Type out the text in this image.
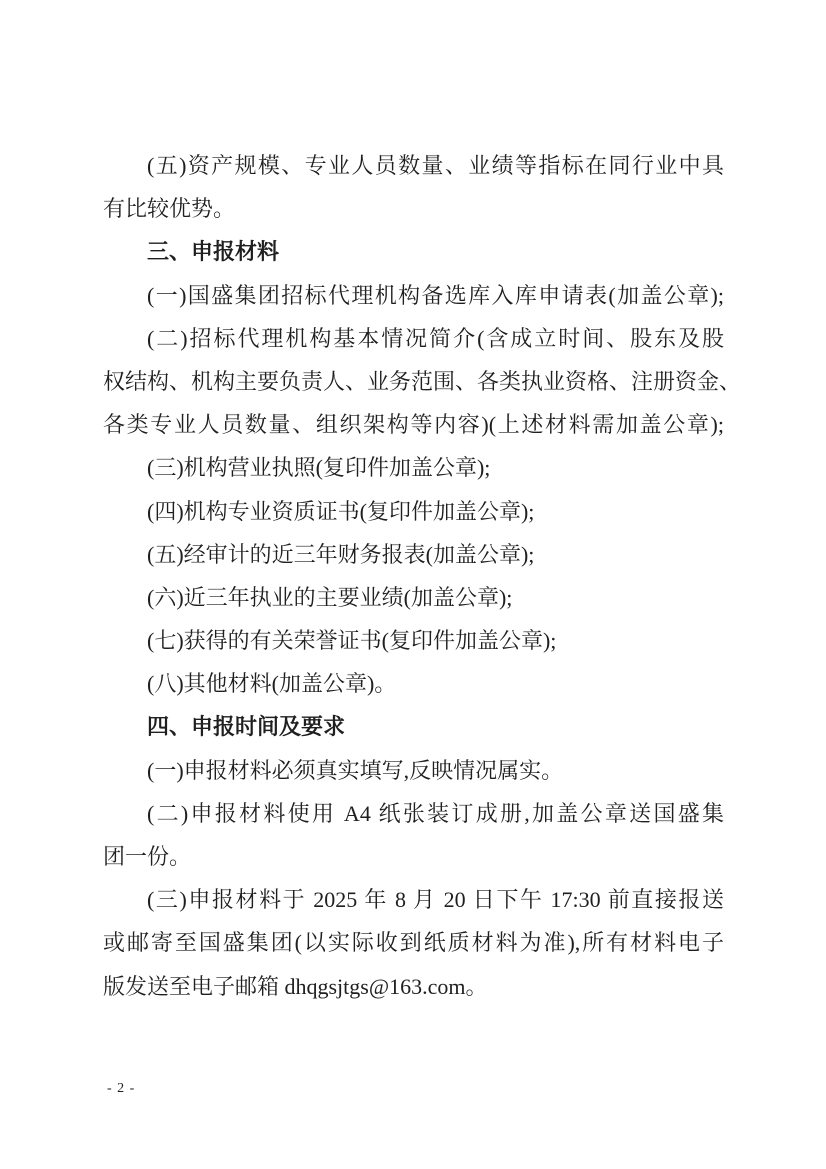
(五)资产规模、专业人员数量、业绩等指标在同行业中具
有比较优势。
三、申报材料
(一)国盛集团招标代理机构备选库入库申请表(加盖公章);
(二)招标代理机构基本情况简介(含成立时间、股东及股
权结构、机构主要负责人、业务范围、各类执业资格、注册资金、
各类专业人员数量、组织架构等内容)(上述材料需加盖公章);
(三)机构营业执照(复印件加盖公章);
(四)机构专业资质证书(复印件加盖公章);
(五)经审计的近三年财务报表(加盖公章);
(六)近三年执业的主要业绩(加盖公章);
(七)获得的有关荣誉证书(复印件加盖公章);
(八)其他材料(加盖公章)。
四、申报时间及要求
(一)申报材料必须真实填写,反映情况属实。
(二)申报材料使用 A4 纸张装订成册,加盖公章送国盛集
团一份。
(三)申报材料于 2025 年 8 月 20 日下午 17:30 前直接报送
或邮寄至国盛集团(以实际收到纸质材料为准),所有材料电子
版发送至电子邮箱 dhqgsjtgs@163.com。
- 2 -
